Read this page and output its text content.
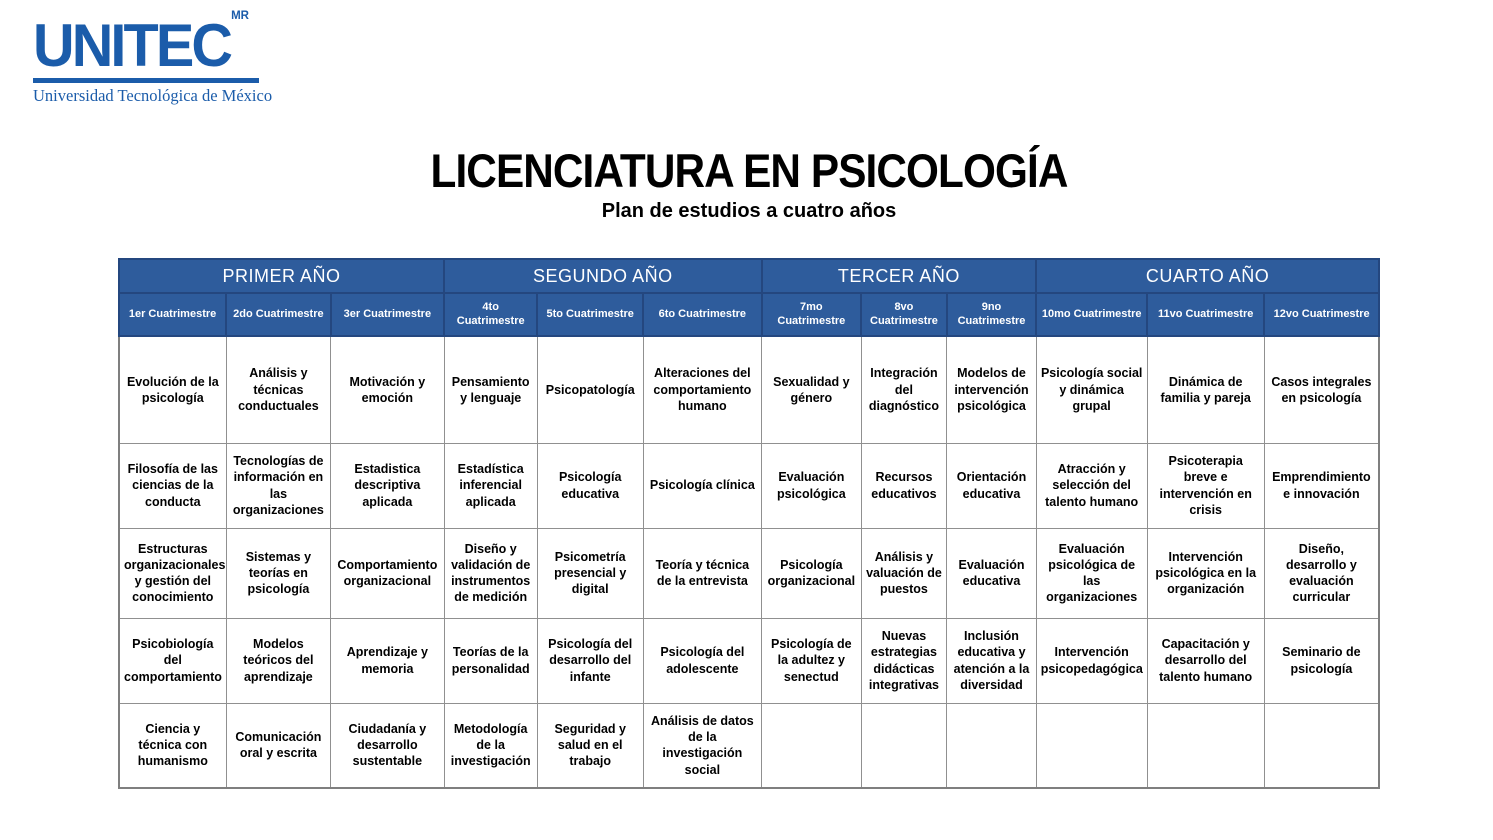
$UNITEC^{MR}$
Universidad Tecnológica de México
LICENCIATURA EN PSICOLOGÍA
Plan de estudios a cuatro años
PRIMER AÑO			SEGUNDO AÑO			TERCER AÑO			CUARTO AÑO		
1er Cuatrimestre	2do Cuatrimestre	3er Cuatrimestre	4to Cuatrimestre	5to Cuatrimestre	6to Cuatrimestre	7mo Cuatrimestre	8vo Cuatrimestre	9no Cuatrimestre	10mo Cuatrimestre	11vo Cuatrimestre	12vo Cuatrimestre
Evolución de la psicología	Análisis y técnicas conductuales	Motivación y emoción	Pensamiento y lenguaje	Psicopatología	Alteraciones del comportamiento humano	Sexualidad y género	Integración del diagnóstico	Modelos de intervención psicológica	Psicología social y dinámica grupal	Dinámica de familia y pareja	Casos integrales en psicología
Filosofía de las ciencias de la conducta	Tecnologías de información en las organizaciones	Estadistica descriptiva aplicada	Estadística inferencial aplicada	Psicología educativa	Psicología clínica	Evaluación psicológica	Recursos educativos	Orientación educativa	Atracción y selección del talento humano	Psicoterapia breve e intervención en crisis	Emprendimiento e innovación
Estructuras organizacionales y gestión del conocimiento	Sistemas y teorías en psicología	Comportamiento organizacional	Diseño y validación de instrumentos de medición	Psicometría presencial y digital	Teoría y técnica de la entrevista	Psicología organizacional	Análisis y valuación de puestos	Evaluación educativa	Evaluación psicológica de las organizaciones	Intervención psicológica en la organización	Diseño, desarrollo y evaluación curricular
Psicobiología del comportamiento	Modelos teóricos del aprendizaje	Aprendizaje y memoria	Teorías de la personalidad	Psicología del desarrollo del infante	Psicología del adolescente	Psicología de la adultez y senectud	Nuevas estrategias didácticas integrativas	Inclusión educativa y atención a la diversidad	Intervención psicopedagógica	Capacitación y desarrollo del talento humano	Seminario de psicología
Ciencia y técnica con humanismo	Comunicación oral y escrita	Ciudadanía y desarrollo sustentable	Metodología de la investigación	Seguridad y salud en el trabajo	Análisis de datos de la investigación social						
